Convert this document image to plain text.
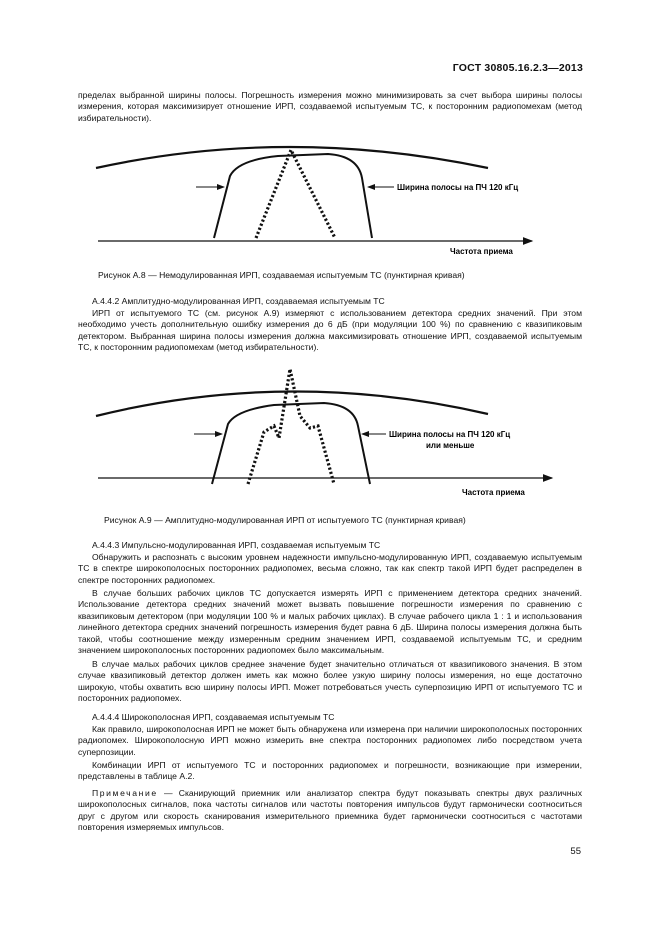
ГОСТ 30805.16.2.3—2013

пределах выбранной ширины полосы. Погрешность измерения можно минимизировать за счет выбора ширины полосы измерения, которая максимизирует отношение ИРП, создаваемой испытуемым ТС, к посторонним радиопомехам (метод избирательности).

Ширина полосы на ПЧ 120 кГц
Частота приема
Рисунок А.8 — Немодулированная ИРП, создаваемая испытуемым ТС (пунктирная кривая)

А.4.4.2 Амплитудно-модулированная ИРП, создаваемая испытуемым ТС

ИРП от испытуемого ТС (см. рисунок А.9) измеряют с использованием детектора средних значений. При этом необходимо учесть дополнительную ошибку измерения до 6 дБ (при модуляции 100 %) по сравнению с квазипиковым детектором. Выбранная ширина полосы измерения должна максимизировать отношение ИРП, создаваемой испытуемым ТС, к посторонним радиопомехам (метод избирательности).

Ширина полосы на ПЧ 120 кГц
или меньше
Частота приема
Рисунок А.9 — Амплитудно-модулированная ИРП от испытуемого ТС (пунктирная кривая)

А.4.4.3 Импульсно-модулированная ИРП, создаваемая испытуемым ТС

Обнаружить и распознать с высоким уровнем надежности импульсно-модулированную ИРП, создаваемую испытуемым ТС в спектре широкополосных посторонних радиопомех, весьма сложно, так как спектр такой ИРП будет распределен в спектре посторонних радиопомех.

В случае больших рабочих циклов ТС допускается измерять ИРП с применением детектора средних значений. Использование детектора средних значений может вызвать повышение погрешности измерения по сравнению с квазипиковым детектором (при модуляции 100 % и малых рабочих циклах). В случае рабочего цикла 1 : 1 и использования линейного детектора средних значений погрешность измерения будет равна 6 дБ. Ширина полосы измерения должна быть такой, чтобы соотношение между измеренным средним значением ИРП, создаваемой испытуемым ТС, и средним значением широкополосных посторонних радиопомех было максимальным.

В случае малых рабочих циклов среднее значение будет значительно отличаться от квазипикового значения. В этом случае квазипиковый детектор должен иметь как можно более узкую ширину полосы измерения, но еще достаточно широкую, чтобы охватить всю ширину полосы ИРП. Может потребоваться учесть суперпозицию ИРП от испытуемого ТС и посторонних радиопомех.

А.4.4.4 Широкополосная ИРП, создаваемая испытуемым ТС

Как правило, широкополосная ИРП не может быть обнаружена или измерена при наличии широкополосных посторонних радиопомех. Широкополосную ИРП можно измерить вне спектра посторонних радиопомех либо посредством учета суперпозиции.

Комбинации ИРП от испытуемого ТС и посторонних радиопомех и погрешности, возникающие при измерении, представлены в таблице А.2.

Примечание — Сканирующий приемник или анализатор спектра будут показывать спектры двух различных широкополосных сигналов, пока частоты сигналов или частоты повторения импульсов будут гармонически соотноситься друг с другом или скорость сканирования измерительного приемника будет гармонически соотноситься с частотами повторения измеряемых импульсов.

55
